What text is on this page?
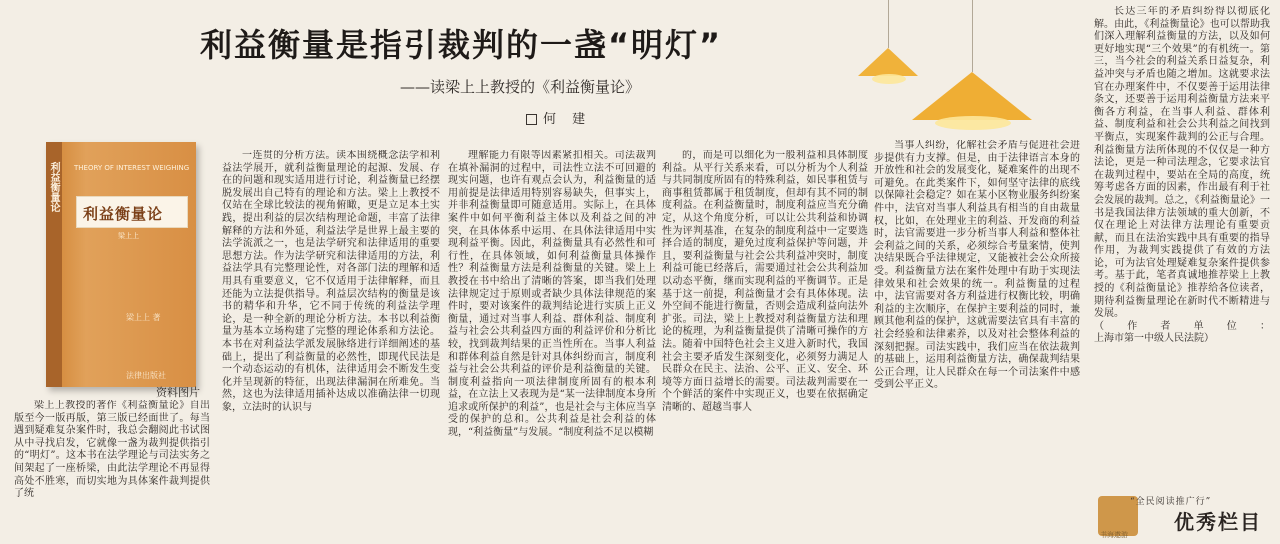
利益衡量是指引裁判的一盏“明灯”
——读梁上上教授的《利益衡量论》
何 建
利益衡量论 THEORY OF INTEREST WEIGHING
利益衡量论
梁上上
梁上上 著
法律出版社
资料图片

梁上上教授的著作《利益衡量论》自出版至今一版再版，第三版已经面世了。每当遇到疑难复杂案件时，我总会翻阅此书试图从中寻找启发，它就像一盏为裁判提供指引的“明灯”。这本书在法学理论与司法实务之间架起了一座桥梁，由此法学理论不再显得高处不胜寒，而切实地为具体案件裁判提供了统

一连贯的分析方法。读本围绕概念法学和利益法学展开，就利益衡量理论的起源、发展、存在的问题和现实适用进行讨论，利益衡量已经摆脱发展出自己特有的理论和方法。梁上上教授不仅站在全球比较法的视角俯瞰，更是立足本土实践，提出利益的层次结构理论命题，丰富了法律解释的方法和外延，利益法学是世界上最主要的法学流派之一，也是法学研究和法律适用的重要思想方法。作为法学研究和法律适用的方法，利益法学具有完整理论性，对各部门法的理解和适用具有重要意义，它不仅适用于法律解释，而且还能为立法提供指导。利益层次结构的衡量是该书的精华和升华，它不同于传统的利益法学理论，是一种全新的理论分析方法。本书以利益衡量为基本立场构建了完整的理论体系和方法论。本书在对利益法学派发展脉络进行详细阐述的基础上，提出了利益衡量的必然性，即现代民法是一个动态运动的有机体，法律适用会不断发生变化并呈现新的特征，出现法律漏洞在所难免。当然，这也为法律适用插补达成以准确法律一切现象，立法时的认识与

理解能力有限等因素紧扣相关。司法裁判在填补漏洞的过程中，司法性立法不可回避的现实问题，也许有观点会认为，利益衡量的适用前提是法律适用特别容易缺失，但事实上，并非利益衡量即可随意适用。实际上，在具体案件中如何平衡利益主体以及利益之间的冲突，在具体体系中运用、在具体法律适用中实现利益平衡。因此，利益衡量具有必然性和可行性，在具体领域，如何利益衡量具体操作性？利益衡量方法是利益衡量的关键。梁上上教授在书中给出了清晰的答案，即当我们处理法律规定过于原则或者缺少具体法律规范的案件时，要对该案件的裁判结论进行实质上正义衡量，通过对当事人利益、群体利益、制度利益与社会公共利益四方面的利益评价和分析比较，找到裁判结果的正当性所在。当事人利益和群体利益自然是针对具体纠纷而言，制度利益与社会公共利益的评价是利益衡量的关键。制度利益指向一项法律制度所固有的根本利益，在立法上又表现为是“某一法律制度本身所追求或所保护的利益”，也是社会与主体应当享受的保护的总和。公共利益是社会利益的体现，“利益衡量”与发展。“制度利益不足以模糊

的，而是可以细化为一般利益和具体制度利益。从平行关系来看，可以分析为个人利益与共同制度所固有的特殊利益，如民事租赁与商事租赁都属于租赁制度，但却有其不同的制度利益。在利益衡量时，制度利益应当充分确定，从这个角度分析，可以让公共利益和协调性为评判基准，在复杂的制度利益中一定要选择合适的制度，避免过度利益保护等问题，并且，要利益衡量与社会公共利益冲突时，制度利益可能已经落后，需要通过社会公共利益加以动态平衡，继而实现利益的平衡调节。正是基于这一前提，利益衡量才会有具体体现。法外空间不能进行衡量，否则会造成利益向法外扩张。司法，梁上上教授对利益衡量方法和理论的梳理，为利益衡量提供了清晰可操作的方法。随着中国特色社会主义进入新时代，我国社会主要矛盾发生深刻变化，必须努力满足人民群众在民主、法治、公平、正义、安全、环境等方面日益增长的需要。司法裁判需要在一个个鲜活的案件中实现正义，也要在依据确定清晰的、超越当事人

当事人纠纷，化解社会矛盾与促进社会进步提供有力支撑。但是，由于法律语言本身的开放性和社会的发展变化，疑难案件的出现不可避免。在此类案件下，如何坚守法律的底线以保障社会稳定？如在某小区物业服务纠纷案件中，法官对当事人利益具有相当的自由裁量权，比如，在处理业主的利益、开发商的利益时，法官需要进一步分析当事人利益和整体社会利益之间的关系，必须综合考量案情，使判决结果既合乎法律规定，又能被社会公众所接受。利益衡量方法在案件处理中有助于实现法律效果和社会效果的统一。利益衡量的过程中，法官需要对各方利益进行权衡比较，明确利益的主次顺序，在保护主要利益的同时，兼顾其他利益的保护，这就需要法官具有丰富的社会经验和法律素养，以及对社会整体利益的深刻把握。司法实践中，我们应当在依法裁判的基础上，运用利益衡量方法，确保裁判结果公正合理，让人民群众在每一个司法案件中感受到公平正义。

长达三年的矛盾纠纷得以彻底化解。由此，《利益衡量论》也可以帮助我们深入理解利益衡量的方法，以及如何更好地实现“三个效果”的有机统一。第三，当今社会的利益关系日益复杂，利益冲突与矛盾也随之增加。这就要求法官在办理案件中，不仅要善于运用法律条文，还要善于运用利益衡量方法来平衡各方利益，在当事人利益、群体利益、制度利益和社会公共利益之间找到平衡点，实现案件裁判的公正与合理。利益衡量方法所体现的不仅仅是一种方法论，更是一种司法理念，它要求法官在裁判过程中，要站在全局的高度，统筹考虑各方面的因素，作出最有利于社会发展的裁判。总之，《利益衡量论》一书是我国法律方法领域的重大创新，不仅在理论上对法律方法理论有重要贡献，而且在法治实践中具有重要的指导作用，为裁判实践提供了有效的方法论，可为法官处理疑难复杂案件提供参考。基于此，笔者真诚地推荐梁上上教授的《利益衡量论》推荐给各位读者，期待利益衡量理论在新时代不断精进与发展。

（作者单位：上海市第一中级人民法院）

书海遨游
“全民阅读推广行”
优秀栏目
